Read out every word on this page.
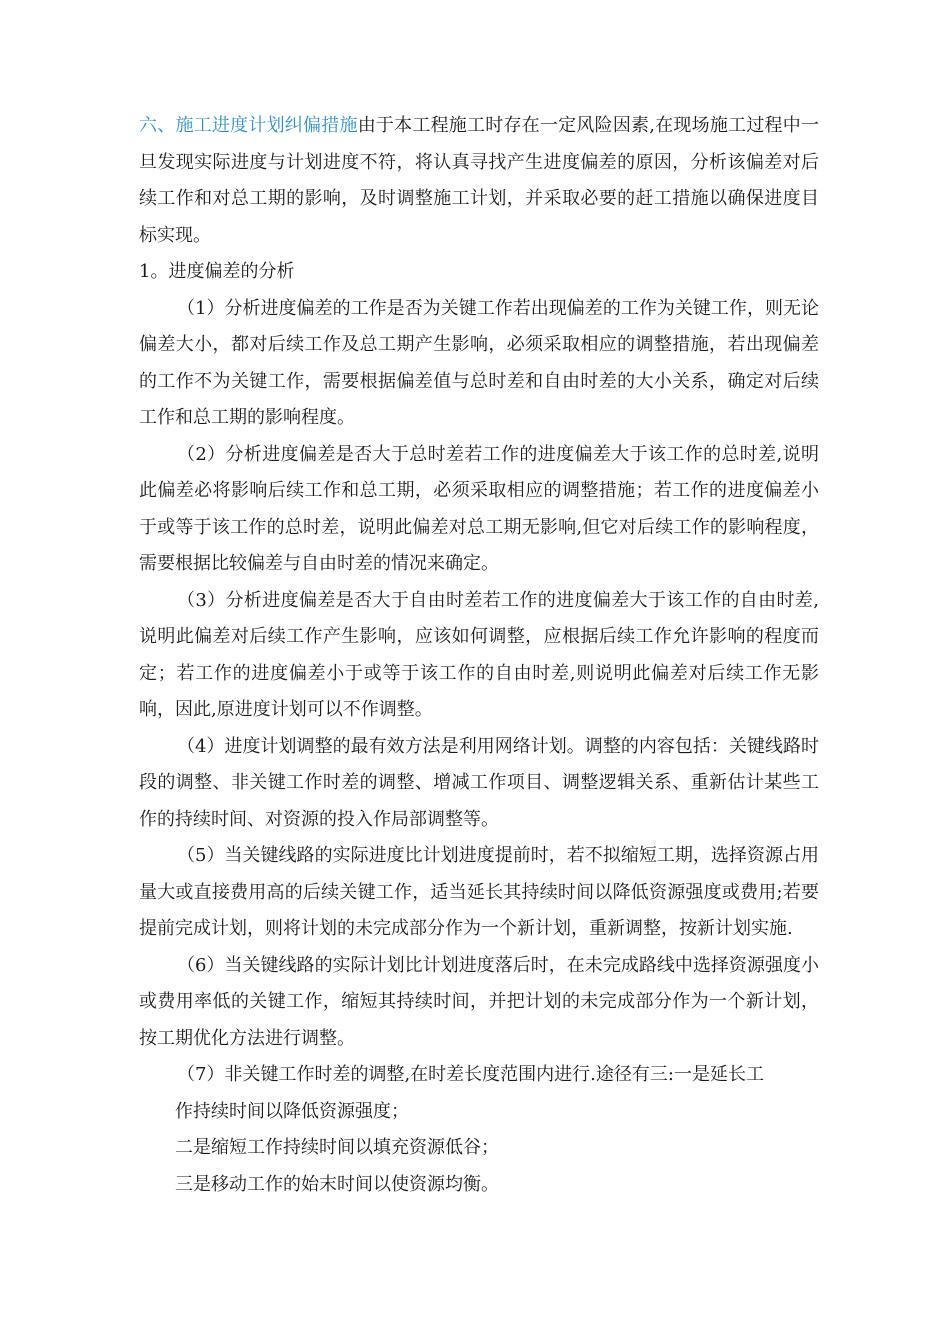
六、施工进度计划纠偏措施由于本工程施工时存在一定风险因素,在现场施工过程中一旦发现实际进度与计划进度不符，将认真寻找产生进度偏差的原因，分析该偏差对后续工作和对总工期的影响，及时调整施工计划，并采取必要的赶工措施以确保进度目标实现。

1。进度偏差的分析

（1）分析进度偏差的工作是否为关键工作若出现偏差的工作为关键工作，则无论偏差大小，都对后续工作及总工期产生影响，必须采取相应的调整措施，若出现偏差的工作不为关键工作，需要根据偏差值与总时差和自由时差的大小关系，确定对后续工作和总工期的影响程度。

（2）分析进度偏差是否大于总时差若工作的进度偏差大于该工作的总时差,说明此偏差必将影响后续工作和总工期，必须采取相应的调整措施；若工作的进度偏差小于或等于该工作的总时差，说明此偏差对总工期无影响,但它对后续工作的影响程度，需要根据比较偏差与自由时差的情况来确定。

（3）分析进度偏差是否大于自由时差若工作的进度偏差大于该工作的自由时差,说明此偏差对后续工作产生影响，应该如何调整，应根据后续工作允许影响的程度而定；若工作的进度偏差小于或等于该工作的自由时差,则说明此偏差对后续工作无影响，因此,原进度计划可以不作调整。

（4）进度计划调整的最有效方法是利用网络计划。调整的内容包括：关键线路时段的调整、非关键工作时差的调整、增减工作项目、调整逻辑关系、重新估计某些工作的持续时间、对资源的投入作局部调整等。

（5）当关键线路的实际进度比计划进度提前时，若不拟缩短工期，选择资源占用量大或直接费用高的后续关键工作，适当延长其持续时间以降低资源强度或费用;若要提前完成计划，则将计划的未完成部分作为一个新计划，重新调整，按新计划实施.

（6）当关键线路的实际计划比计划进度落后时，在未完成路线中选择资源强度小或费用率低的关键工作，缩短其持续时间，并把计划的未完成部分作为一个新计划，按工期优化方法进行调整。

（7）非关键工作时差的调整,在时差长度范围内进行.途径有三:一是延长工

作持续时间以降低资源强度；

二是缩短工作持续时间以填充资源低谷；

三是移动工作的始末时间以使资源均衡。
